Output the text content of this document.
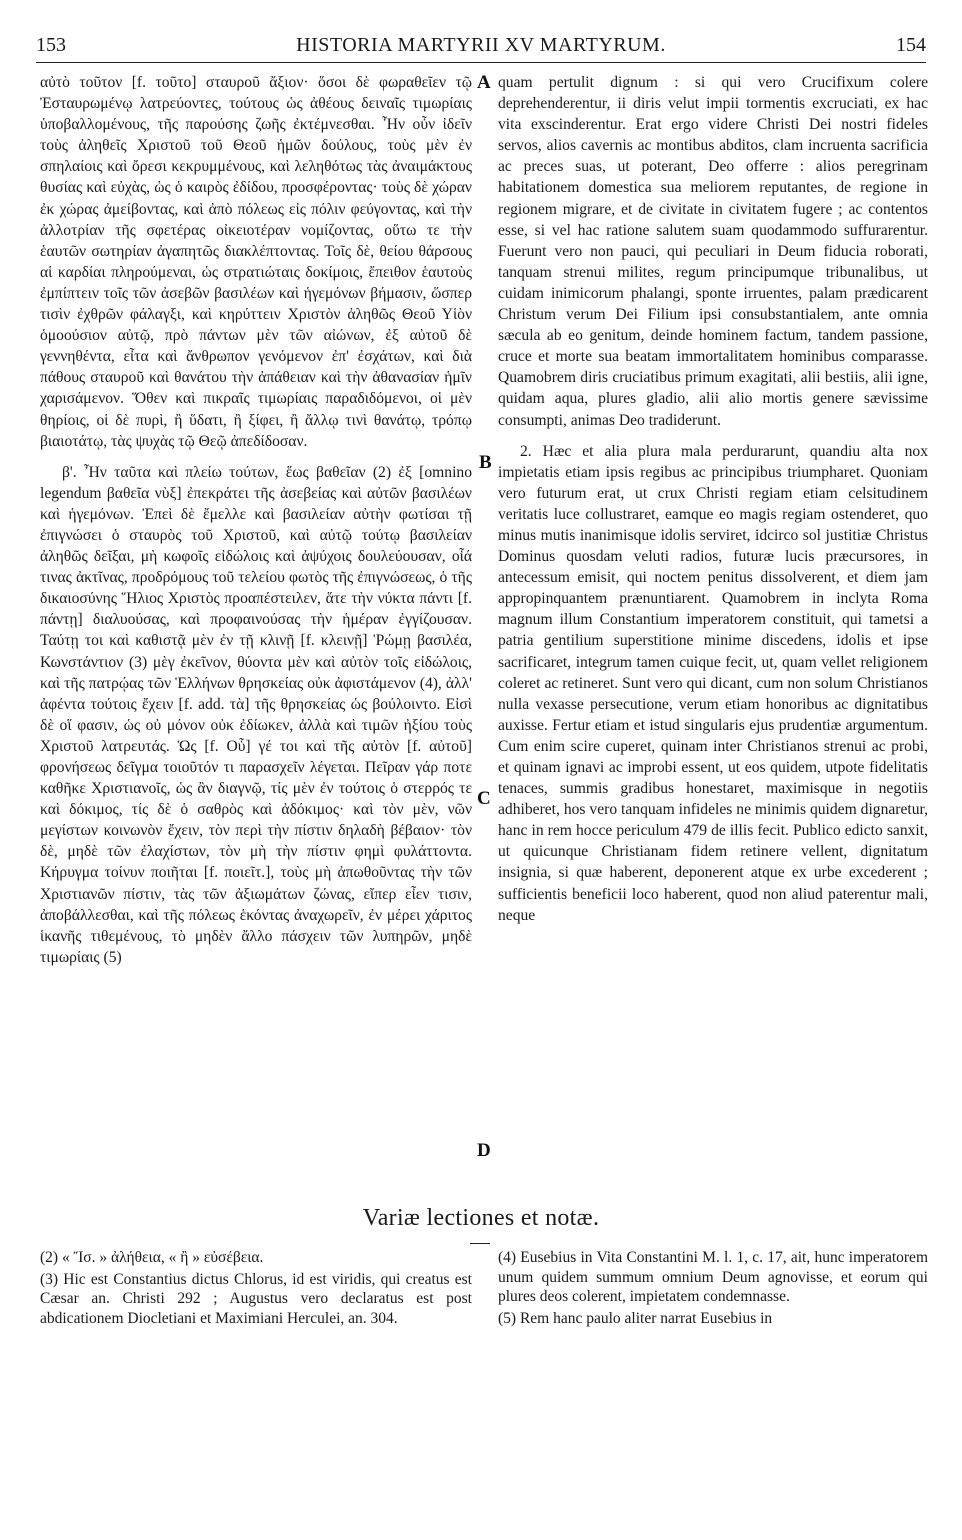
153	HISTORIA MARTYRII XV MARTYRUM.	154

αὐτὸ τοῦτον [f. τοῦτο] σταυροῦ ἄξιον· ὅσοι δὲ φωραθεῖεν τῷ Ἐσταυρωμένῳ λατρεύοντες, τούτους ὡς ἀθέους δειναῖς τιμωρίαις ὑποβαλλομένους, τῆς παρούσης ζωῆς ἐκτέμνεσθαι. Ἦν οὖν ἰδεῖν τοὺς ἀληθεῖς Χριστοῦ τοῦ Θεοῦ ἡμῶν δούλους, τοὺς μὲν ἐν σπηλαίοις καὶ ὄρεσι κεκρυμμένους, καὶ λεληθότως τὰς ἀναιμάκτους θυσίας καὶ εὐχὰς, ὡς ὁ καιρὸς ἐδίδου, προσφέροντας· τοὺς δὲ χώραν ἐκ χώρας ἀμείβοντας, καὶ ἀπὸ πόλεως εἰς πόλιν φεύγοντας, καὶ τὴν ἀλλοτρίαν τῆς σφετέρας οἰκειοτέραν νομίζοντας, οὕτω τε τὴν ἑαυτῶν σωτηρίαν ἀγαπητῶς διακλέπτοντας. Τοῖς δὲ, θείου θάρσους αἱ καρδίαι πληρούμεναι, ὡς στρατιώταις δοκίμοις, ἔπειθον ἑαυτοὺς ἐμπίπτειν τοῖς τῶν ἀσεβῶν βασιλέων καὶ ἡγεμόνων βήμασιν, ὥσπερ τισὶν ἐχθρῶν φάλαγξι, καὶ κηρύττειν Χριστὸν ἀληθῶς Θεοῦ Υἱὸν ὁμοούσιον αὐτῷ, πρὸ πάντων μὲν τῶν αἰώνων, ἐξ αὐτοῦ δὲ γεννηθέντα, εἶτα καὶ ἄνθρωπον γενόμενον ἐπ' ἐσχάτων, καὶ διὰ πάθους σταυροῦ καὶ θανάτου τὴν ἀπάθειαν καὶ τὴν ἀθανασίαν ἡμῖν χαρισάμενον. Ὅθεν καὶ πικραῖς τιμωρίαις παραδιδόμενοι, οἱ μὲν θηρίοις, οἱ δὲ πυρὶ, ἢ ὕδατι, ἢ ξίφει, ἢ ἄλλῳ τινὶ θανάτῳ, τρόπῳ βιαιοτάτῳ, τὰς ψυχὰς τῷ Θεῷ ἀπεδίδοσαν.

β'. Ἦν ταῦτα καὶ πλείω τούτων, ἕως βαθεῖαν (2) ἐξ [omnino legendum βαθεῖα νὺξ] ἐπεκράτει τῆς ἀσεβείας καὶ αὐτῶν βασιλέων καὶ ἡγεμόνων. Ἐπεὶ δὲ ἔμελλε καὶ βασιλείαν αὐτὴν φωτίσαι τῇ ἐπιγνώσει ὁ σταυρὸς τοῦ Χριστοῦ, καὶ αὐτῷ τούτῳ βασιλείαν ἀληθῶς δεῖξαι, μὴ κωφοῖς εἰδώλοις καὶ ἀψύχοις δουλεύουσαν, οἷά τινας ἀκτῖνας, προδρόμους τοῦ τελείου φωτὸς τῆς ἐπιγνώσεως, ὁ τῆς δικαιοσύνης Ἥλιος Χριστὸς προαπέστειλεν, ἅτε τὴν νύκτα πάντι [f. πάντῃ] διαλυούσας, καὶ προφαινούσας τὴν ἡμέραν ἐγγίζουσαν. Ταύτῃ τοι καὶ καθιστᾷ μὲν ἐν τῇ κλινῇ [f. κλεινῇ] Ῥώμῃ βασιλέα, Κωνστάντιον (3) μὲγ ἐκεῖνον, θύοντα μὲν καὶ αὐτὸν τοῖς εἰδώλοις, καὶ τῆς πατρῴας τῶν Ἑλλήνων θρησκείας οὐκ ἀφιστάμενον (4), ἀλλ' ἀφέντα τούτοις ἔχειν [f. add. τὰ] τῆς θρησκείας ὡς βούλοιντο. Εἰσὶ δὲ οἵ φασιν, ὡς οὐ μόνον οὐκ ἐδίωκεν, ἀλλὰ καὶ τιμῶν ἠξίου τοὺς Χριστοῦ λατρευτάς. Ὡς [f. Οὗ] γέ τοι καὶ τῆς αὐτὸν [f. αὐτοῦ] φρονήσεως δεῖγμα τοιοῦτόν τι παρασχεῖν λέγεται. Πεῖραν γάρ ποτε καθῆκε Χριστιανοῖς, ὡς ἂν διαγνῷ, τίς μὲν ἐν τούτοις ὁ στερρός τε καὶ δόκιμος, τίς δὲ ὁ σαθρὸς καὶ ἀδόκιμος· καὶ τὸν μὲν, νῶν μεγίστων κοινωνὸν ἔχειν, τὸν περὶ τὴν πίστιν δηλαδὴ βέβαιον· τὸν δὲ, μηδὲ τῶν ἐλαχίστων, τὸν μὴ τὴν πίστιν φημὶ φυλάττοντα. Κήρυγμα τοίνυν ποιῆται [f. ποιεῖτ.], τοὺς μὴ ἀπωθοῦντας τὴν τῶν Χριστιανῶν πίστιν, τὰς τῶν ἀξιωμάτων ζώνας, εἴπερ εἶεν τισιν, ἀποβάλλεσθαι, καὶ τῆς πόλεως ἑκόντας ἀναχωρεῖν, ἐν μέρει χάριτος ἱκανῆς τιθεμένους, τὸ μηδὲν ἄλλο πάσχειν τῶν λυπηρῶν, μηδὲ τιμωρίαις (5)

A
B
C
D

quam pertulit dignum : si qui vero Crucifixum colere deprehenderentur, ii diris velut impii tormentis excruciati, ex hac vita exscinderentur. Erat ergo videre Christi Dei nostri fideles servos, alios cavernis ac montibus abditos, clam incruenta sacrificia ac preces suas, ut poterant, Deo offerre : alios peregrinam habitationem domestica sua meliorem reputantes, de regione in regionem migrare, et de civitate in civitatem fugere ; ac contentos esse, si vel hac ratione salutem suam quodammodo suffurarentur. Fuerunt vero non pauci, qui peculiari in Deum fiducia roborati, tanquam strenui milites, regum principumque tribunalibus, ut cuidam inimicorum phalangi, sponte irruentes, palam prædicarent Christum verum Dei Filium ipsi consubstantialem, ante omnia sæcula ab eo genitum, deinde hominem factum, tandem passione, cruce et morte sua beatam immortalitatem hominibus comparasse. Quamobrem diris cruciatibus primum exagitati, alii bestiis, alii igne, quidam aqua, plures gladio, alii alio mortis genere sævissime consumpti, animas Deo tradiderunt.

2. Hæc et alia plura mala perdurarunt, quandiu alta nox impietatis etiam ipsis regibus ac principibus triumpharet. Quoniam vero futurum erat, ut crux Christi regiam etiam celsitudinem veritatis luce collustraret, eamque eo magis regiam ostenderet, quo minus mutis inanimisque idolis serviret, idcirco sol justitiæ Christus Dominus quosdam veluti radios, futuræ lucis præcursores, in antecessum emisit, qui noctem penitus dissolverent, et diem jam appropinquantem prænuntiarent. Quamobrem in inclyta Roma magnum illum Constantium imperatorem constituit, qui tametsi a patria gentilium superstitione minime discedens, idolis et ipse sacrificaret, integrum tamen cuique fecit, ut, quam vellet religionem coleret ac retineret. Sunt vero qui dicant, cum non solum Christianos nulla vexasse persecutione, verum etiam honoribus ac dignitatibus auxisse. Fertur etiam et istud singularis ejus prudentiæ argumentum. Cum enim scire cuperet, quinam inter Christianos strenui ac probi, et quinam ignavi ac improbi essent, ut eos quidem, utpote fidelitatis tenaces, summis gradibus honestaret, maximisque in negotiis adhiberet, hos vero tanquam infideles ne minimis quidem dignaretur, hanc in rem hocce periculum 479 de illis fecit. Publico edicto sanxit, ut quicunque Christianam fidem retinere vellent, dignitatum insignia, si quæ haberent, deponerent atque ex urbe excederent ; sufficientis beneficii loco haberent, quod non aliud paterentur mali, neque

Variæ lectiones et notæ.

(2) « Ἴσ. » ἀλήθεια, « ἢ » εὐσέβεια.

(3) Hic est Constantius dictus Chlorus, id est viridis, qui creatus est Cæsar an. Christi 292 ; Augustus vero declaratus est post abdicationem Diocletiani et Maximiani Herculei, an. 304.

(4) Eusebius in Vita Constantini M. l. 1, c. 17, ait, hunc imperatorem unum quidem summum omnium Deum agnovisse, et eorum qui plures deos colerent, impietatem condemnasse.

(5) Rem hanc paulo aliter narrat Eusebius in
